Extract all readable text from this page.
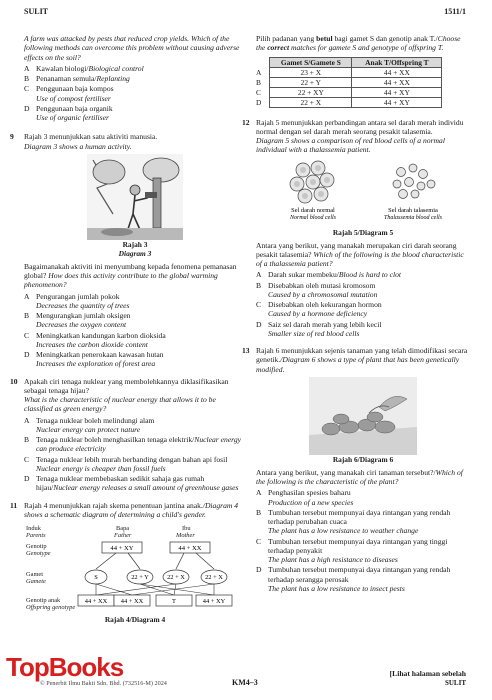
SULIT	1511/1
A farm was attacked by pests that reduced crop yields. Which of the following methods can overcome this problem without causing adverse effects on the soil?
A Kawalan biologi/Biological control
B Penanaman semula/Replanting
C Penggunaan baja kompos
Use of compost fertiliser
D Penggunaan baja organik
Use of organic fertiliser
9 Rajah 3 menunjukkan satu aktiviti manusia.
Diagram 3 shows a human activity.
Rajah 3
Diagram 3
Bagaimanakah aktiviti ini menyumbang kepada fenomena pemanasan global? How does this activity contribute to the global warming phenomenon?
A Pengurangan jumlah pokok
Decreases the quantity of trees
B Mengurangkan jumlah oksigen
Decreases the oxygen content
C Meningkatkan kandungan karbon dioksida
Increases the carbon dioxide content
D Meningkatkan penerokaan kawasan hutan
Increases the exploration of forest area
10 Apakah ciri tenaga nuklear yang membolehkannya diklasifikasikan sebagai tenaga hijau?
What is the characteristic of nuclear energy that allows it to be classified as green energy?
A Tenaga nuklear boleh melindungi alam
Nuclear energy can protect nature
B Tenaga nuklear boleh menghasilkan tenaga elektrik/Nuclear energy can produce electricity
C Tenaga nuklear lebih murah berbanding dengan bahan api fosil
Nuclear energy is cheaper than fossil fuels
D Tenaga nuklear membebaskan sedikit sahaja gas rumah hijau/Nuclear energy releases a small amount of greenhouse gases
11 Rajah 4 menunjukkan rajah skema penentuan jantina anak./Diagram 4 shows a schematic diagram of determining a child's gender.
Induk
Parents
Bapa
Father
Ibu
Mother
Genotip
Genotype
Gamet
Gamete
Genotip anak
Offspring genotype
44 + XY	44 + XX
S	22 + Y	22 + X	22 + X
44 + XX 44 + XX	T	44 + XY
Rajah 4/Diagram 4
Pilih padanan yang betul bagi gamet S dan genotip anak T./Choose the correct matches for gamete S and genotype of offspring T.
	Gamet S/Gamete S	Anak T/Offspring T
A	23 + X	44 + XX
B	22 + Y	44 + XX
C	22 + XY	44 + XY
D	22 + X	44 + XY
12 Rajah 5 menunjukkan perbandingan antara sel darah merah individu normal dengan sel darah merah seorang pesakit talasemia.
Diagram 5 shows a comparison of red blood cells of a normal individual with a thalassemia patient.
Sel darah normal
Normal blood cells
Sel darah talasemia
Thalassemia blood cells
Rajah 5/Diagram 5
Antara yang berikut, yang manakah merupakan ciri darah seorang pesakit talasemia? Which of the following is the blood characteristic of a thalassemia patient?
A Darah sukar membeku/Blood is hard to clot
B Disebabkan oleh mutasi kromosom
Caused by a chromosomal mutation
C Disebabkan oleh kekurangan hormon
Caused by a hormone deficiency
D Saiz sel darah merah yang lebih kecil
Smaller size of red blood cells
13 Rajah 6 menunjukkan sejenis tanaman yang telah dimodifikasi secara genetik./Diagram 6 shows a type of plant that has been genetically modified.
Rajah 6/Diagram 6
Antara yang berikut, yang manakah ciri tanaman tersebut?/Which of the following is the characteristic of the plant?
A Penghasilan spesies baharu
Production of a new species
B Tumbuhan tersebut mempunyai daya rintangan yang rendah terhadap perubahan cuaca
The plant has a low resistance to weather change
C Tumbuhan tersebut mempunyai daya rintangan yang tinggi terhadap penyakit
The plant has a high resistance to diseases
D Tumbuhan tersebut mempunyai daya rintangan yang rendah terhadap serangga perosak
The plant has a low resistance to insect pests
TopBooks
© Penerbit Ilmu Bakti Sdn. Bhd. (732516-M) 2024	KM4–3
[Lihat halaman sebelah
SULIT
